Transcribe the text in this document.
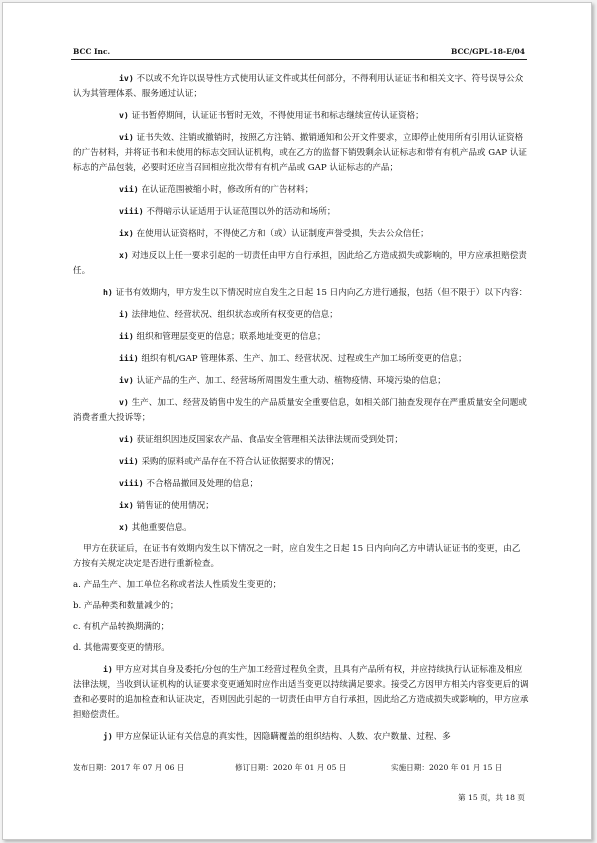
BCC Inc.	BCC/GPL-18-E/04

iv) 不以或不允许以误导性方式使用认证文件或其任何部分，不得利用认证证书和相关文字、符号误导公众认为其管理体系、服务通过认证；

v) 证书暂停期间，认证证书暂时无效，不得使用证书和标志继续宣传认证资格；

vi) 证书失效、注销或撤销时，按照乙方注销、撤销通知和公开文件要求，立即停止使用所有引用认证资格的广告材料，并将证书和未使用的标志交回认证机构，或在乙方的监督下销毁剩余认证标志和带有有机产品或 GAP 认证标志的产品包装，必要时还应当召回相应批次带有有机产品或 GAP 认证标志的产品；

vii) 在认证范围被缩小时，修改所有的广告材料；

viii) 不得暗示认证适用于认证范围以外的活动和场所；

ix) 在使用认证资格时，不得使乙方和（或）认证制度声誉受损，失去公众信任；

x) 对违反以上任一要求引起的一切责任由甲方自行承担，因此给乙方造成损失或影响的，甲方应承担赔偿责任。

h) 证书有效期内，甲方发生以下情况时应自发生之日起 15 日内向乙方进行通报，包括（但不限于）以下内容：

i) 法律地位、经营状况、组织状态或所有权变更的信息；

ii) 组织和管理层变更的信息；联系地址变更的信息；

iii) 组织有机/GAP 管理体系、生产、加工、经营状况、过程或生产加工场所变更的信息；

iv) 认证产品的生产、加工、经营场所周围发生重大动、植物疫情、环境污染的信息；

v) 生产、加工、经营及销售中发生的产品质量安全重要信息，如相关部门抽查发现存在严重质量安全问题或消费者重大投诉等；

vi) 获证组织因违反国家农产品、食品安全管理相关法律法规而受到处罚；

vii) 采购的原料或产品存在不符合认证依据要求的情况；

viii) 不合格品撤回及处理的信息；

ix) 销售证的使用情况；

x) 其他重要信息。

甲方在获证后，在证书有效期内发生以下情况之一时，应自发生之日起 15 日内向向乙方申请认证证书的变更，由乙方按有关规定决定是否进行重新检查。

a. 产品生产、加工单位名称或者法人性质发生变更的；

b. 产品种类和数量减少的；

c. 有机产品转换期满的；

d. 其他需要变更的情形。

i) 甲方应对其自身及委托/分包的生产加工经营过程负全责，且具有产品所有权，并应持续执行认证标准及相应法律法规，当收到认证机构的认证要求变更通知时应作出适当变更以持续满足要求。接受乙方因甲方相关内容变更后的调查和必要时的追加检查和认证决定，否则因此引起的一切责任由甲方自行承担，因此给乙方造成损失或影响的，甲方应承担赔偿责任。

j) 甲方应保证认证有关信息的真实性，因隐瞒覆盖的组织结构、人数、农户数量、过程、多

发布日期：2017 年 07 月 06 日	修订日期：2020 年 01 月 05 日	实施日期：2020 年 01 月 15 日
第 15 页，共 18 页
